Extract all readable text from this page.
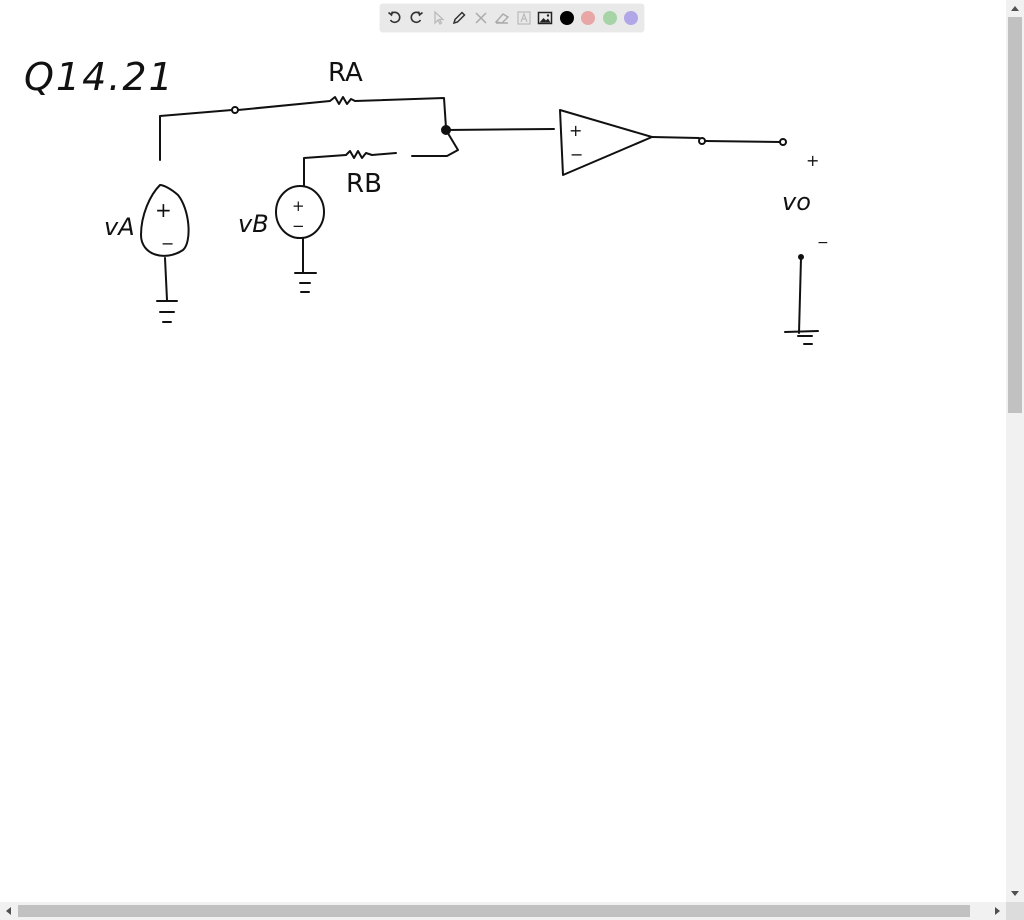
Q14.21	RA
RB
vA	vB
vo
+
−
+
−
+
−
+
−
